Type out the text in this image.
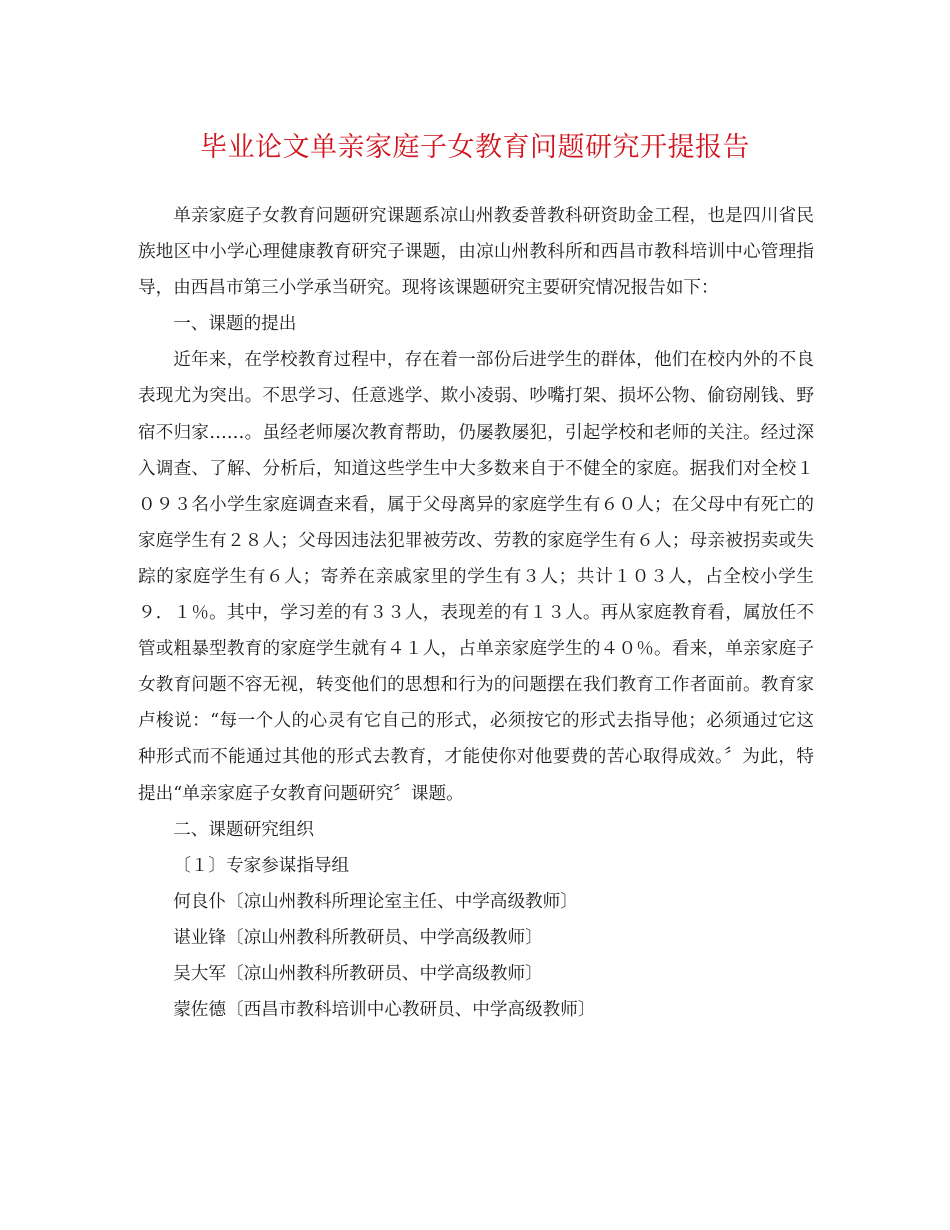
毕业论文单亲家庭子女教育问题研究开提报告

单亲家庭子女教育问题研究课题系凉山州教委普教科研资助金工程，也是四川省民族地区中小学心理健康教育研究子课题，由凉山州教科所和西昌市教科培训中心管理指导，由西昌市第三小学承当研究。现将该课题研究主要研究情况报告如下：

一、课题的提出

近年来，在学校教育过程中，存在着一部份后进学生的群体，他们在校内外的不良表现尤为突出。不思学习、任意逃学、欺小凌弱、吵嘴打架、损坏公物、偷窃剐钱、野宿不归家……。虽经老师屡次教育帮助，仍屡教屡犯，引起学校和老师的关注。经过深入调查、了解、分析后，知道这些学生中大多数来自于不健全的家庭。据我们对全校１０９３名小学生家庭调查来看，属于父母离异的家庭学生有６０人；在父母中有死亡的家庭学生有２８人；父母因违法犯罪被劳改、劳教的家庭学生有６人；母亲被拐卖或失踪的家庭学生有６人；寄养在亲戚家里的学生有３人；共计１０３人，占全校小学生９．１％。其中，学习差的有３３人，表现差的有１３人。再从家庭教育看，属放任不管或粗暴型教育的家庭学生就有４１人，占单亲家庭学生的４０％。看来，单亲家庭子女教育问题不容无视，转变他们的思想和行为的问题摆在我们教育工作者面前。教育家卢梭说：“每一个人的心灵有它自己的形式，必须按它的形式去指导他；必须通过它这种形式而不能通过其他的形式去教育，才能使你对他要费的苦心取得成效。〞为此，特提出“单亲家庭子女教育问题研究〞课题。

二、课题研究组织

〔１〕专家参谋指导组

何良仆〔凉山州教科所理论室主任、中学高级教师〕

谌业锋〔凉山州教科所教研员、中学高级教师〕

吴大军〔凉山州教科所教研员、中学高级教师〕

蒙佐德〔西昌市教科培训中心教研员、中学高级教师〕
